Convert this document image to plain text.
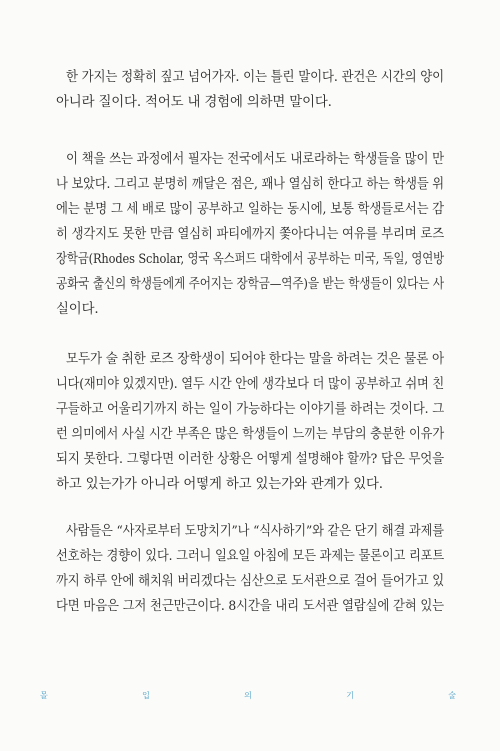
한 가지는 정확히 짚고 넘어가자. 이는 틀린 말이다. 관건은 시간의 양이
아니라 질이다. 적어도 내 경험에 의하면 말이다.
이 책을 쓰는 과정에서 필자는 전국에서도 내로라하는 학생들을 많이 만
나 보았다. 그리고 분명히 깨달은 점은, 꽤나 열심히 한다고 하는 학생들 위
에는 분명 그 세 배로 많이 공부하고 일하는 동시에, 보통 학생들로서는 감
히 생각지도 못한 만큼 열심히 파티에까지 쫓아다니는 여유를 부리며 로즈
장학금(Rhodes Scholar, 영국 옥스퍼드 대학에서 공부하는 미국, 독일, 영연방
공화국 출신의 학생들에게 주어지는 장학금—역주)을 받는 학생들이 있다는 사
실이다.
모두가 술 취한 로즈 장학생이 되어야 한다는 말을 하려는 것은 물론 아
니다(재미야 있겠지만). 열두 시간 안에 생각보다 더 많이 공부하고 쉬며 친
구들하고 어울리기까지 하는 일이 가능하다는 이야기를 하려는 것이다. 그
런 의미에서 사실 시간 부족은 많은 학생들이 느끼는 부담의 충분한 이유가
되지 못한다. 그렇다면 이러한 상황은 어떻게 설명해야 할까? 답은 무엇을
하고 있는가가 아니라 어떻게 하고 있는가와 관계가 있다.
사람들은 “사자로부터 도망치기”나 “식사하기”와 같은 단기 해결 과제를
선호하는 경향이 있다. 그러니 일요일 아침에 모든 과제는 물론이고 리포트
까지 하루 안에 해치워 버리겠다는 심산으로 도서관으로 걸어 들어가고 있
다면 마음은 그저 천근만근이다. 8시간을 내리 도서관 열람실에 갇혀 있는
몰	입	의	기	술
